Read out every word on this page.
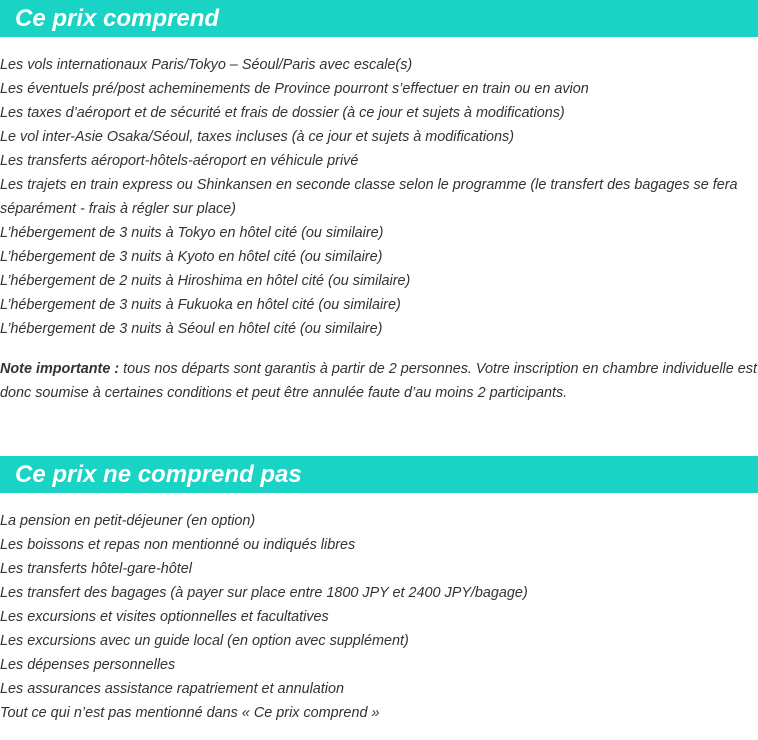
Ce prix comprend
Les vols internationaux Paris/Tokyo – Séoul/Paris avec escale(s)
Les éventuels pré/post acheminements de Province pourront s’effectuer en train ou en avion
Les taxes d’aéroport et de sécurité et frais de dossier (à ce jour et sujets à modifications)
Le vol inter-Asie Osaka/Séoul, taxes incluses (à ce jour et sujets à modifications)
Les transferts aéroport-hôtels-aéroport en véhicule privé
Les trajets en train express ou Shinkansen en seconde classe selon le programme (le transfert des bagages se fera séparément - frais à régler sur place)
L’hébergement de 3 nuits à Tokyo en hôtel cité (ou similaire)
L’hébergement de 3 nuits à Kyoto en hôtel cité (ou similaire)
L’hébergement de 2 nuits à Hiroshima en hôtel cité (ou similaire)
L’hébergement de 3 nuits à Fukuoka en hôtel cité (ou similaire)
L’hébergement de 3 nuits à Séoul en hôtel cité (ou similaire)
Note importante : tous nos départs sont garantis à partir de 2 personnes. Votre inscription en chambre individuelle est donc soumise à certaines conditions et peut être annulée faute d’au moins 2 participants.
Ce prix ne comprend pas
La pension en petit-déjeuner (en option)
Les boissons et repas non mentionné ou indiqués libres
Les transferts hôtel-gare-hôtel
Les transfert des bagages (à payer sur place entre 1800 JPY et 2400 JPY/bagage)
Les excursions et visites optionnelles et facultatives
Les excursions avec un guide local (en option avec supplément)
Les dépenses personnelles
Les assurances assistance rapatriement et annulation
Tout ce qui n’est pas mentionné dans « Ce prix comprend »
